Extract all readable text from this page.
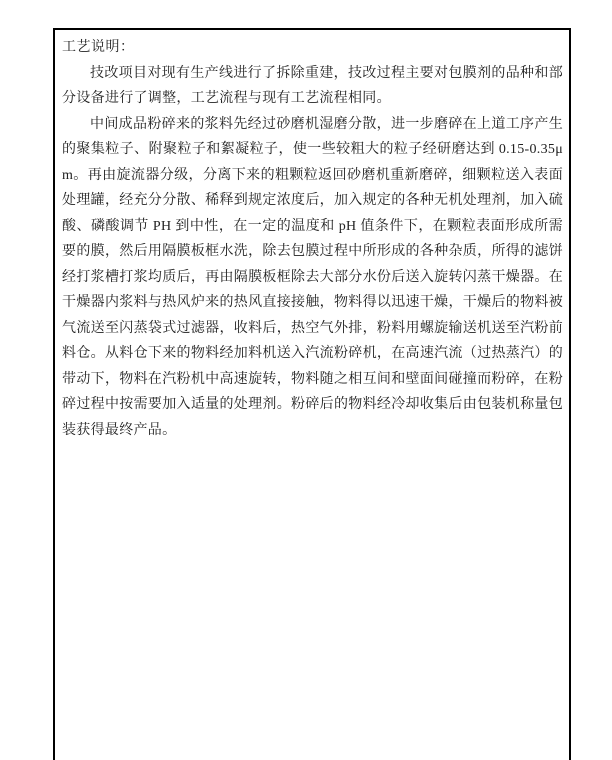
工艺说明：

技改项目对现有生产线进行了拆除重建，技改过程主要对包膜剂的品种和部分设备进行了调整，工艺流程与现有工艺流程相同。

中间成品粉碎来的浆料先经过砂磨机湿磨分散，进一步磨碎在上道工序产生的聚集粒子、附聚粒子和絮凝粒子，使一些较粗大的粒子经研磨达到 0.15-0.35μm。再由旋流器分级，分离下来的粗颗粒返回砂磨机重新磨碎，细颗粒送入表面处理罐，经充分分散、稀释到规定浓度后，加入规定的各种无机处理剂，加入硫酸、磷酸调节 PH 到中性，在一定的温度和 pH 值条件下，在颗粒表面形成所需要的膜，然后用隔膜板框水洗，除去包膜过程中所形成的各种杂质，所得的滤饼经打浆槽打浆均质后，再由隔膜板框除去大部分水份后送入旋转闪蒸干燥器。在干燥器内浆料与热风炉来的热风直接接触，物料得以迅速干燥，干燥后的物料被气流送至闪蒸袋式过滤器，收料后，热空气外排，粉料用螺旋输送机送至汽粉前料仓。从料仓下来的物料经加料机送入汽流粉碎机，在高速汽流（过热蒸汽）的带动下，物料在汽粉机中高速旋转，物料随之相互间和壁面间碰撞而粉碎，在粉碎过程中按需要加入适量的处理剂。粉碎后的物料经冷却收集后由包装机称量包装获得最终产品。
